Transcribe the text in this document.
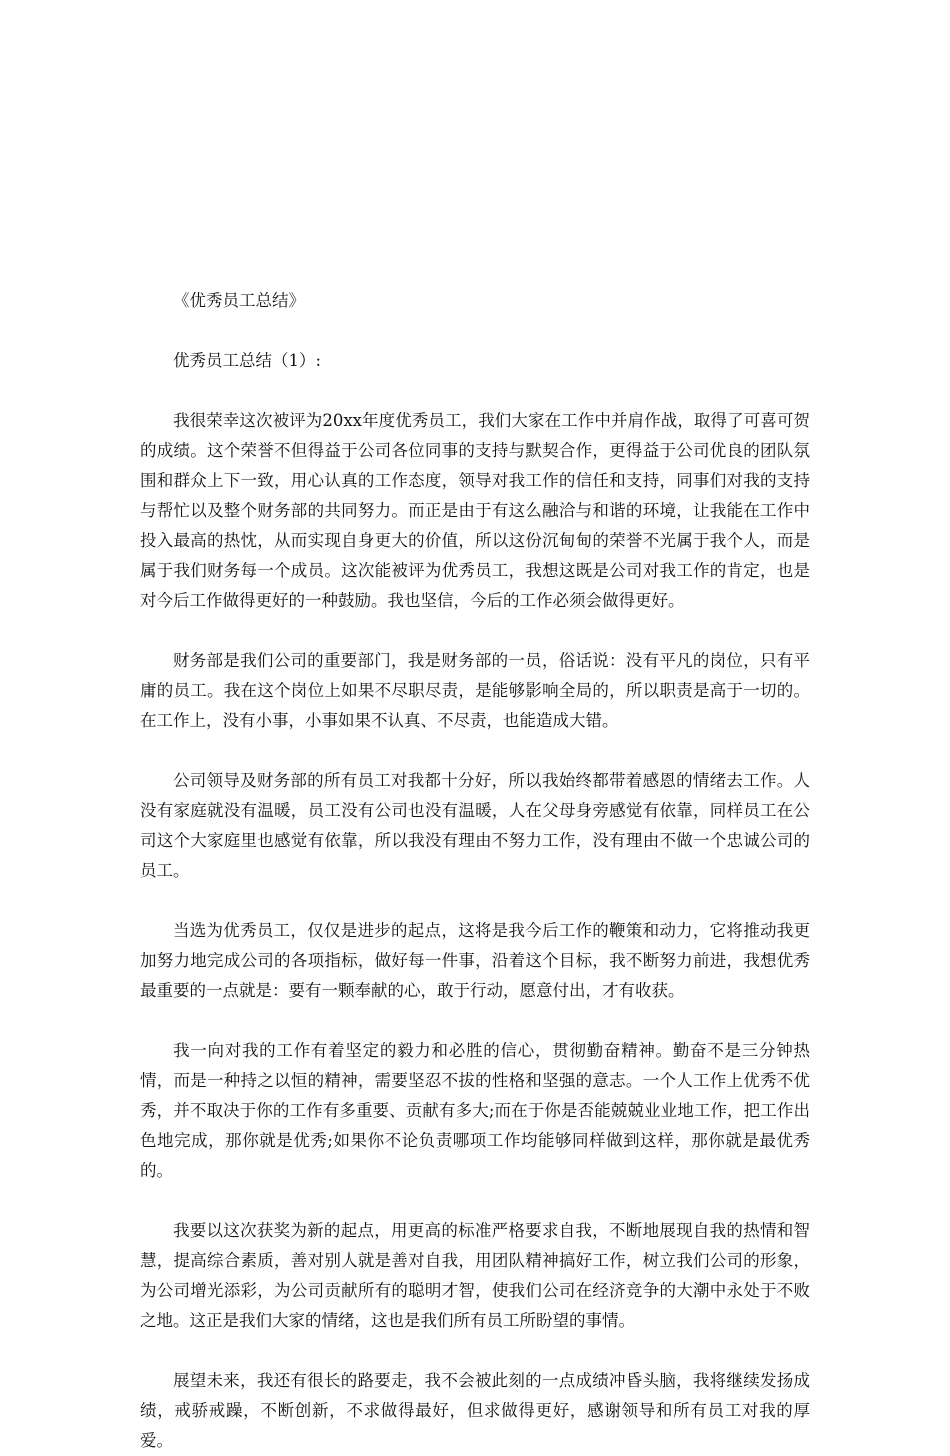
《优秀员工总结》

优秀员工总结（1）:

我很荣幸这次被评为20xx年度优秀员工，我们大家在工作中并肩作战，取得了可喜可贺的成绩。这个荣誉不但得益于公司各位同事的支持与默契合作，更得益于公司优良的团队氛围和群众上下一致，用心认真的工作态度，领导对我工作的信任和支持，同事们对我的支持与帮忙以及整个财务部的共同努力。而正是由于有这么融洽与和谐的环境，让我能在工作中投入最高的热忱，从而实现自身更大的价值，所以这份沉甸甸的荣誉不光属于我个人，而是属于我们财务每一个成员。这次能被评为优秀员工，我想这既是公司对我工作的肯定，也是对今后工作做得更好的一种鼓励。我也坚信，今后的工作必须会做得更好。

财务部是我们公司的重要部门，我是财务部的一员，俗话说：没有平凡的岗位，只有平庸的员工。我在这个岗位上如果不尽职尽责，是能够影响全局的，所以职责是高于一切的。在工作上，没有小事，小事如果不认真、不尽责，也能造成大错。

公司领导及财务部的所有员工对我都十分好，所以我始终都带着感恩的情绪去工作。人没有家庭就没有温暖，员工没有公司也没有温暖，人在父母身旁感觉有依靠，同样员工在公司这个大家庭里也感觉有依靠，所以我没有理由不努力工作，没有理由不做一个忠诚公司的员工。

当选为优秀员工，仅仅是进步的起点，这将是我今后工作的鞭策和动力，它将推动我更加努力地完成公司的各项指标，做好每一件事，沿着这个目标，我不断努力前进，我想优秀最重要的一点就是：要有一颗奉献的心，敢于行动，愿意付出，才有收获。

我一向对我的工作有着坚定的毅力和必胜的信心，贯彻勤奋精神。勤奋不是三分钟热情，而是一种持之以恒的精神，需要坚忍不拔的性格和坚强的意志。一个人工作上优秀不优秀，并不取决于你的工作有多重要、贡献有多大;而在于你是否能兢兢业业地工作，把工作出色地完成，那你就是优秀;如果你不论负责哪项工作均能够同样做到这样，那你就是最优秀的。

我要以这次获奖为新的起点，用更高的标准严格要求自我，不断地展现自我的热情和智慧，提高综合素质，善对别人就是善对自我，用团队精神搞好工作，树立我们公司的形象，为公司增光添彩，为公司贡献所有的聪明才智，使我们公司在经济竞争的大潮中永处于不败之地。这正是我们大家的情绪，这也是我们所有员工所盼望的事情。

展望未来，我还有很长的路要走，我不会被此刻的一点成绩冲昏头脑，我将继续发扬成绩，戒骄戒躁，不断创新，不求做得最好，但求做得更好，感谢领导和所有员工对我的厚爱。
